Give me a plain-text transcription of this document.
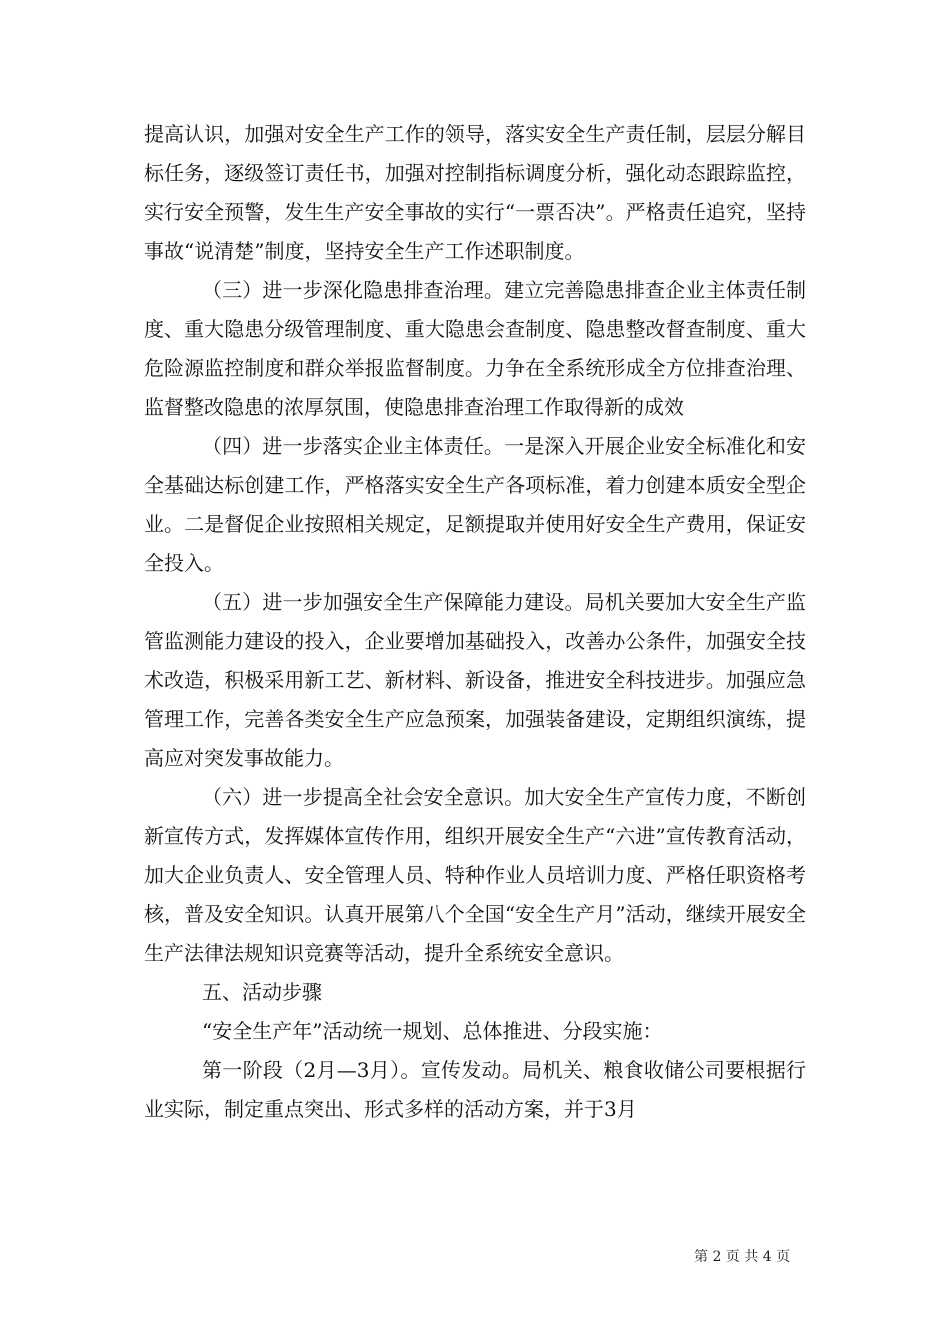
提高认识，加强对安全生产工作的领导，落实安全生产责任制，层层分解目标任务，逐级签订责任书，加强对控制指标调度分析，强化动态跟踪监控，实行安全预警，发生生产安全事故的实行“一票否决”。严格责任追究，坚持事故“说清楚”制度，坚持安全生产工作述职制度。

（三）进一步深化隐患排查治理。建立完善隐患排查企业主体责任制度、重大隐患分级管理制度、重大隐患会查制度、隐患整改督查制度、重大危险源监控制度和群众举报监督制度。力争在全系统形成全方位排查治理、监督整改隐患的浓厚氛围，使隐患排查治理工作取得新的成效

（四）进一步落实企业主体责任。一是深入开展企业安全标准化和安全基础达标创建工作，严格落实安全生产各项标准，着力创建本质安全型企业。二是督促企业按照相关规定，足额提取并使用好安全生产费用，保证安全投入。

（五）进一步加强安全生产保障能力建设。局机关要加大安全生产监管监测能力建设的投入，企业要增加基础投入，改善办公条件，加强安全技术改造，积极采用新工艺、新材料、新设备，推进安全科技进步。加强应急管理工作，完善各类安全生产应急预案，加强装备建设，定期组织演练，提高应对突发事故能力。

（六）进一步提高全社会安全意识。加大安全生产宣传力度，不断创新宣传方式，发挥媒体宣传作用，组织开展安全生产“六进”宣传教育活动，加大企业负责人、安全管理人员、特种作业人员培训力度、严格任职资格考核，普及安全知识。认真开展第八个全国“安全生产月”活动，继续开展安全生产法律法规知识竞赛等活动，提升全系统安全意识。

五、活动步骤

“安全生产年”活动统一规划、总体推进、分段实施：

第一阶段（2月—3月）。宣传发动。局机关、粮食收储公司要根据行业实际，制定重点突出、形式多样的活动方案，并于3月

第 2 页 共 4 页
